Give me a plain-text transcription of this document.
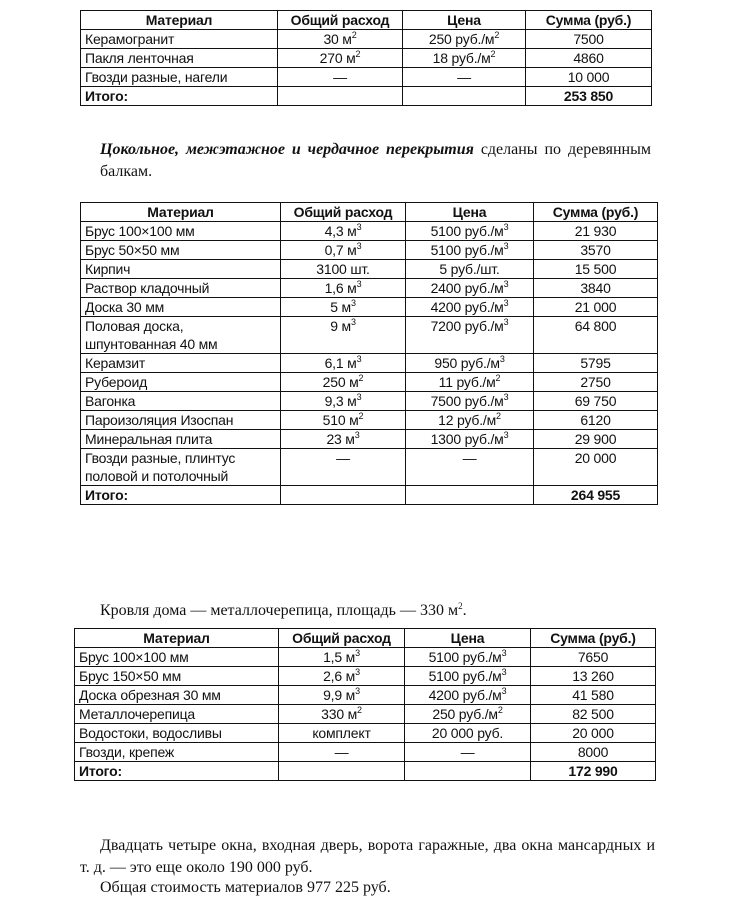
Материал	Общий расход	Цена	Сумма (руб.)
Керамогранит	30 $м^2$	250 $руб./м^2$	7500
Пакля ленточная	270 $м^2$	18 $руб./м^2$	4860
Гвозди разные, нагели	—	—	10 000
Итого:			253 850

Цокольное, межэтажное и чердачное перекрытия сделаны по деревянным балкам.

Материал	Общий расход	Цена	Сумма (руб.)
Брус 100×100 мм	4,3 $м^3$	5100 $руб./м^3$	21 930
Брус 50×50 мм	0,7 $м^3$	5100 $руб./м^3$	3570
Кирпич	3100 шт.	5 руб./шт.	15 500
Раствор кладочный	1,6 $м^3$	2400 $руб./м^3$	3840
Доска 30 мм	5 $м^3$	4200 $руб./м^3$	21 000
Половая доска, шпунтованная 40 мм	9 $м^3$	7200 $руб./м^3$	64 800
Керамзит	6,1 $м^3$	950 $руб./м^3$	5795
Рубероид	250 $м^2$	11 $руб./м^2$	2750
Вагонка	9,3 $м^3$	7500 $руб./м^3$	69 750
Пароизоляция Изоспан	510 $м^2$	12 $руб./м^2$	6120
Минеральная плита	23 $м^3$	1300 $руб./м^3$	29 900
Гвозди разные, плинтус половой и потолочный	—	—	20 000
Итого:			264 955

Кровля дома — металлочерепица, площадь — 330 $м^2$.

Материал	Общий расход	Цена	Сумма (руб.)
Брус 100×100 мм	1,5 $м^3$	5100 $руб./м^3$	7650
Брус 150×50 мм	2,6 $м^3$	5100 $руб./м^3$	13 260
Доска обрезная 30 мм	9,9 $м^3$	4200 $руб./м^3$	41 580
Металлочерепица	330 $м^2$	250 $руб./м^2$	82 500
Водостоки, водосливы	комплект	20 000 руб.	20 000
Гвозди, крепеж	—	—	8000
Итого:			172 990

Двадцать четыре окна, входная дверь, ворота гаражные, два окна мансардных и т. д. — это еще около 190 000 руб.

Общая стоимость материалов 977 225 руб.
